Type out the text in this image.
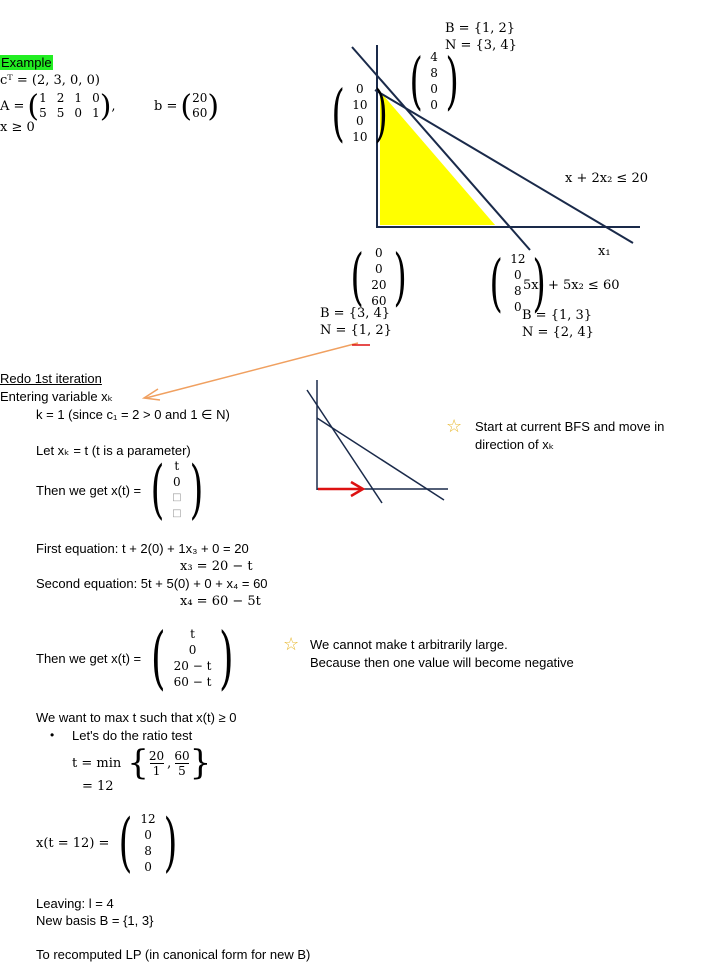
Example
cᵀ = (2, 3, 0, 0)
A = ( 1 2 1 0
5 5 0 1 ) ,	b = ( 20
60 )
x ≥ 0
B = {1, 2}
N = {3, 4}
( 4
8
0
0 )
( 0
10
0
10 )
x + 2x₂ ≤ 20
x₁
( 0
0
20
60 )
B = {3, 4}
N = {1, 2}
( 12
0
8
0 )
5x₁ + 5x₂ ≤ 60
B = {1, 3}
N = {2, 4}
Redo 1st iteration
Entering variable xₖ
k = 1 (since c₁ = 2 > 0 and 1 ∈ N)
Let xₖ = t (t is a parameter)
Then we get x(t) = ( t
0
□
□ )
☆ Start at current BFS and move in
direction of xₖ
First equation: t + 2(0) + 1x₃ + 0 = 20
x₃ = 20 − t
Second equation: 5t + 5(0) + 0 + x₄ = 60
x₄ = 60 − 5t
Then we get x(t) = ( t
0
20 − t
60 − t )	☆ We cannot make t arbitrarily large.
Because then one value will become negative
We want to max t such that x(t) ≥ 0
• Let's do the ratio test
t = min { 20
1 , 60
5 }
= 12
x(t = 12) = ( 12
0
8
0 )
Leaving: l = 4
New basis B = {1, 3}
To recomputed LP (in canonical form for new B)
